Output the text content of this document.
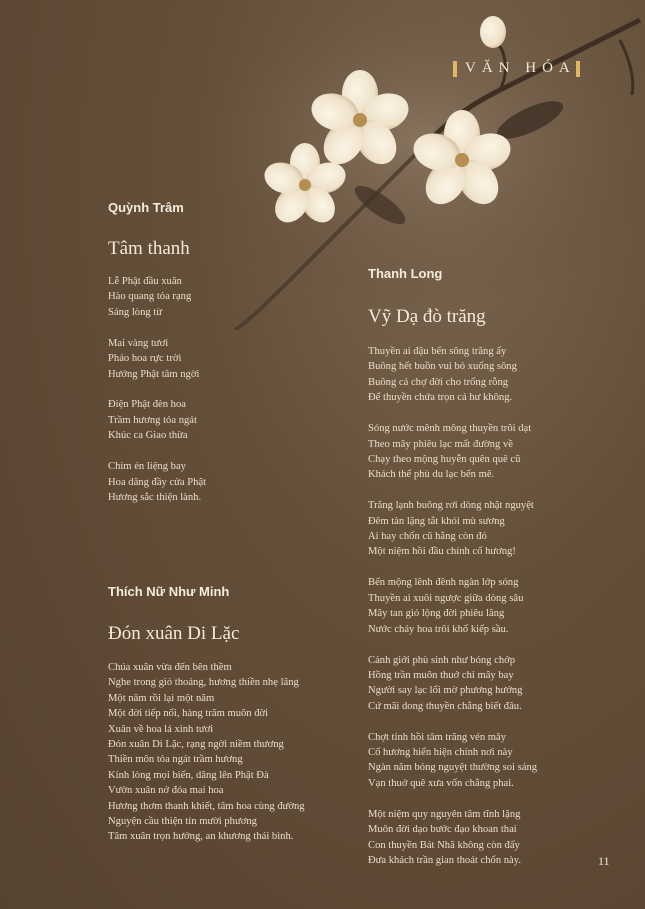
VĂN HÓA
Quỳnh Trâm
Tâm thanh
Lễ Phật đầu xuân
Hào quang tỏa rạng
Sáng lòng từ
Mai vàng tươi
Pháo hoa rực trời
Hướng Phật tâm ngời
Điện Phật đèn hoa
Trầm hương tỏa ngát
Khúc ca Giao thừa
Chim én liệng bay
Hoa dâng đầy cửa Phật
Hương sắc thiện lành.
Thích Nữ Như Minh
Đón xuân Di Lặc
Chúa xuân vừa đến bên thềm
Nghe trong gió thoảng, hương thiền nhẹ lâng
Một năm rồi lại một năm
Một đời tiếp nối, hàng trăm muôn đời
Xuân về hoa lá xinh tươi
Đón xuân Di Lặc, rạng ngời niềm thương
Thiền môn tỏa ngát trầm hương
Kính lòng mọi biến, dâng lên Phật Đà
Vườn xuân nở đóa mai hoa
Hương thơm thanh khiết, tâm hoa cùng đường
Nguyện cầu thiện tín mười phương
Tâm xuân trọn hưởng, an khương thái bình.
Thanh Long
Vỹ Dạ đò trăng
Thuyền ai đậu bến sông trăng ấy
Buông hết buồn vui bỏ xuống sông
Buông cả chợ đời cho trống rỗng
Để thuyền chứa trọn cả hư không.
Sóng nước mênh mông thuyền trôi dạt
Theo mây phiêu lạc mất đường về
Chạy theo mộng huyễn quên quê cũ
Khách thể phù du lạc bến mê.
Trăng lạnh buông rơi dòng nhật nguyệt
Đêm tàn lặng tắt khói mù sương
Ai hay chốn cũ hằng còn đó
Một niệm hồi đầu chính cố hương!
Bến mộng lênh đênh ngàn lớp sóng
Thuyền ai xuôi ngược giữa dòng sâu
Mây tan gió lộng đời phiêu lãng
Nước chảy hoa trôi khổ kiếp sầu.
Cảnh giới phù sinh như bóng chớp
Hồng trần muôn thuở chỉ mây bay
Người say lạc lối mờ phương hướng
Cứ mãi dong thuyền chẳng biết đâu.
Chợt tỉnh hồi tâm trăng vén mây
Cố hương hiển hiện chính nơi này
Ngàn năm bóng nguyệt thường soi sáng
Vạn thuở quê xưa vốn chẳng phai.
Một niệm quy nguyên tâm tĩnh lặng
Muôn đời dạo bước đạo khoan thai
Con thuyền Bát Nhã không còn đấy
Đưa khách trần gian thoát chốn này.	11
